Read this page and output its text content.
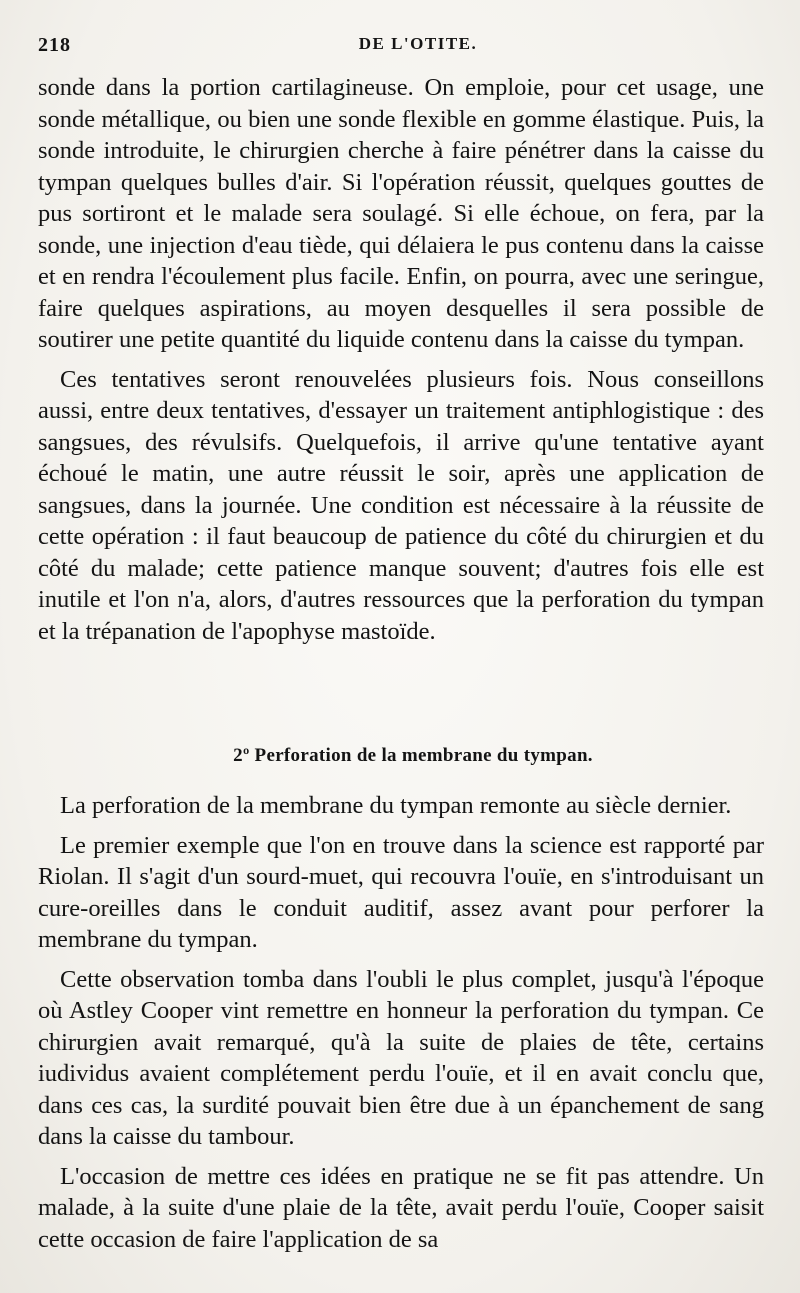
218	DE L'OTITE.

sonde dans la portion cartilagineuse. On emploie, pour cet usage, une sonde métallique, ou bien une sonde flexible en gomme élastique. Puis, la sonde introduite, le chirurgien cherche à faire pénétrer dans la caisse du tympan quelques bulles d'air. Si l'opération réussit, quelques gouttes de pus sortiront et le malade sera soulagé. Si elle échoue, on fera, par la sonde, une injection d'eau tiède, qui délaiera le pus contenu dans la caisse et en rendra l'écoulement plus facile. Enfin, on pourra, avec une seringue, faire quelques aspirations, au moyen desquelles il sera possible de soutirer une petite quantité du liquide contenu dans la caisse du tympan.

Ces tentatives seront renouvelées plusieurs fois. Nous conseillons aussi, entre deux tentatives, d'essayer un traitement antiphlogistique : des sangsues, des révulsifs. Quelquefois, il arrive qu'une tentative ayant échoué le matin, une autre réussit le soir, après une application de sangsues, dans la journée. Une condition est nécessaire à la réussite de cette opération : il faut beaucoup de patience du côté du chirurgien et du côté du malade; cette patience manque souvent; d'autres fois elle est inutile et l'on n'a, alors, d'autres ressources que la perforation du tympan et la trépanation de l'apophyse mastoïde.

2º Perforation de la membrane du tympan.

La perforation de la membrane du tympan remonte au siècle dernier.

Le premier exemple que l'on en trouve dans la science est rapporté par Riolan. Il s'agit d'un sourd-muet, qui recouvra l'ouïe, en s'introduisant un cure-oreilles dans le conduit auditif, assez avant pour perforer la membrane du tympan.

Cette observation tomba dans l'oubli le plus complet, jusqu'à l'époque où Astley Cooper vint remettre en honneur la perforation du tympan. Ce chirurgien avait remarqué, qu'à la suite de plaies de tête, certains iudividus avaient complétement perdu l'ouïe, et il en avait conclu que, dans ces cas, la surdité pouvait bien être due à un épanchement de sang dans la caisse du tambour.

L'occasion de mettre ces idées en pratique ne se fit pas attendre. Un malade, à la suite d'une plaie de la tête, avait perdu l'ouïe, Cooper saisit cette occasion de faire l'application de sa
